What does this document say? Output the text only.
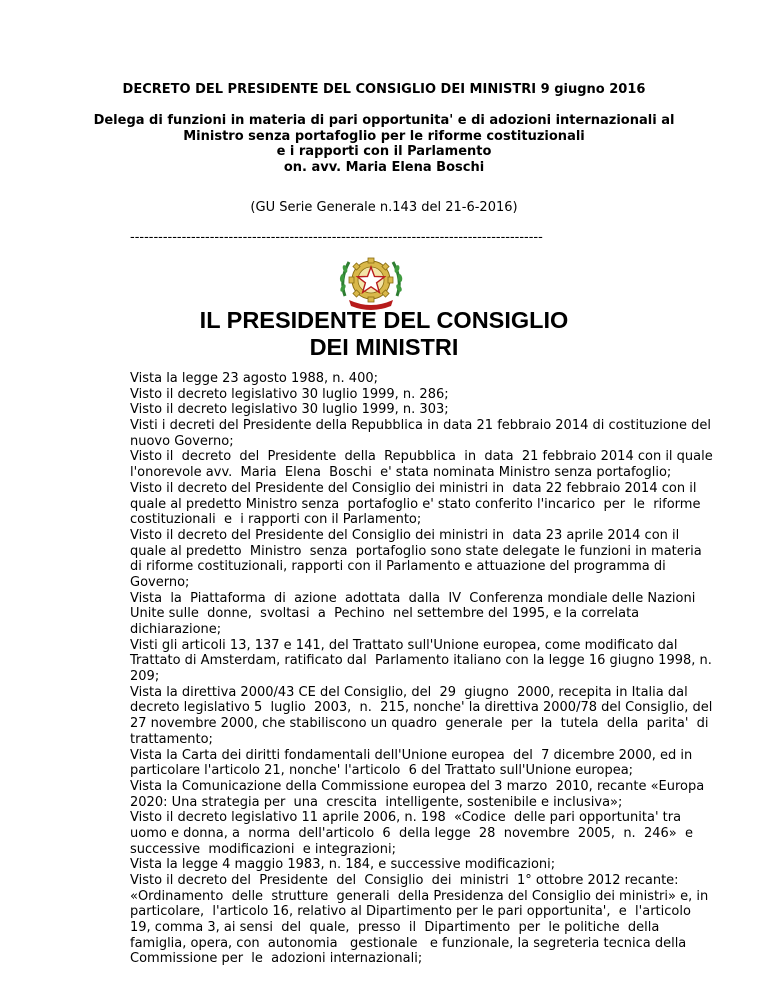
DECRETO DEL PRESIDENTE DEL CONSIGLIO DEI MINISTRI 9 giugno 2016
Delega di funzioni in materia di pari opportunita' e di adozioni internazionali al
Ministro senza portafoglio per le riforme costituzionali
e i rapporti con il Parlamento
on. avv. Maria Elena Boschi
(GU Serie Generale n.143 del 21-6-2016)
----------------------------------------------------------------------------------------
IL PRESIDENTE DEL CONSIGLIO
DEI MINISTRI
Vista la legge 23 agosto 1988, n. 400;
Visto il decreto legislativo 30 luglio 1999, n. 286;
Visto il decreto legislativo 30 luglio 1999, n. 303;
Visti i decreti del Presidente della Repubblica in data 21 febbraio 2014 di costituzione del
nuovo Governo;
Visto il  decreto  del  Presidente  della  Repubblica  in  data  21 febbraio 2014 con il quale
l'onorevole avv.  Maria  Elena  Boschi  e' stata nominata Ministro senza portafoglio;
Visto il decreto del Presidente del Consiglio dei ministri in  data 22 febbraio 2014 con il
quale al predetto Ministro senza  portafoglio e' stato conferito l'incarico  per  le  riforme
costituzionali  e  i rapporti con il Parlamento;
Visto il decreto del Presidente del Consiglio dei ministri in  data 23 aprile 2014 con il
quale al predetto  Ministro  senza  portafoglio sono state delegate le funzioni in materia
di riforme costituzionali, rapporti con il Parlamento e attuazione del programma di
Governo;
Vista  la  Piattaforma  di  azione  adottata  dalla  IV  Conferenza mondiale delle Nazioni
Unite sulle  donne,  svoltasi  a  Pechino  nel settembre del 1995, e la correlata
dichiarazione;
Visti gli articoli 13, 137 e 141, del Trattato sull'Unione europea, come modificato dal
Trattato di Amsterdam, ratificato dal  Parlamento italiano con la legge 16 giugno 1998, n.
209;
Vista la direttiva 2000/43 CE del Consiglio, del  29  giugno  2000, recepita in Italia dal
decreto legislativo 5  luglio  2003,  n.  215, nonche' la direttiva 2000/78 del Consiglio, del
27 novembre 2000, che stabiliscono un quadro  generale  per  la  tutela  della  parita'  di
trattamento;
Vista la Carta dei diritti fondamentali dell'Unione europea  del  7 dicembre 2000, ed in
particolare l'articolo 21, nonche' l'articolo  6 del Trattato sull'Unione europea;
Vista la Comunicazione della Commissione europea del 3 marzo  2010, recante «Europa
2020: Una strategia per  una  crescita  intelligente, sostenibile e inclusiva»;
Visto il decreto legislativo 11 aprile 2006, n. 198  «Codice  delle pari opportunita' tra
uomo e donna, a  norma  dell'articolo  6  della legge  28  novembre  2005,  n.  246»  e
successive  modificazioni  e integrazioni;
Vista la legge 4 maggio 1983, n. 184, e successive modificazioni;
Visto il decreto del  Presidente  del  Consiglio  dei  ministri  1° ottobre 2012 recante:
«Ordinamento  delle  strutture  generali  della Presidenza del Consiglio dei ministri» e, in
particolare,  l'articolo 16, relativo al Dipartimento per le pari opportunita',  e  l'articolo
19, comma 3, ai sensi  del  quale,  presso  il  Dipartimento  per  le politiche  della
famiglia, opera, con  autonomia   gestionale   e funzionale, la segreteria tecnica della
Commissione per  le  adozioni internazionali;
